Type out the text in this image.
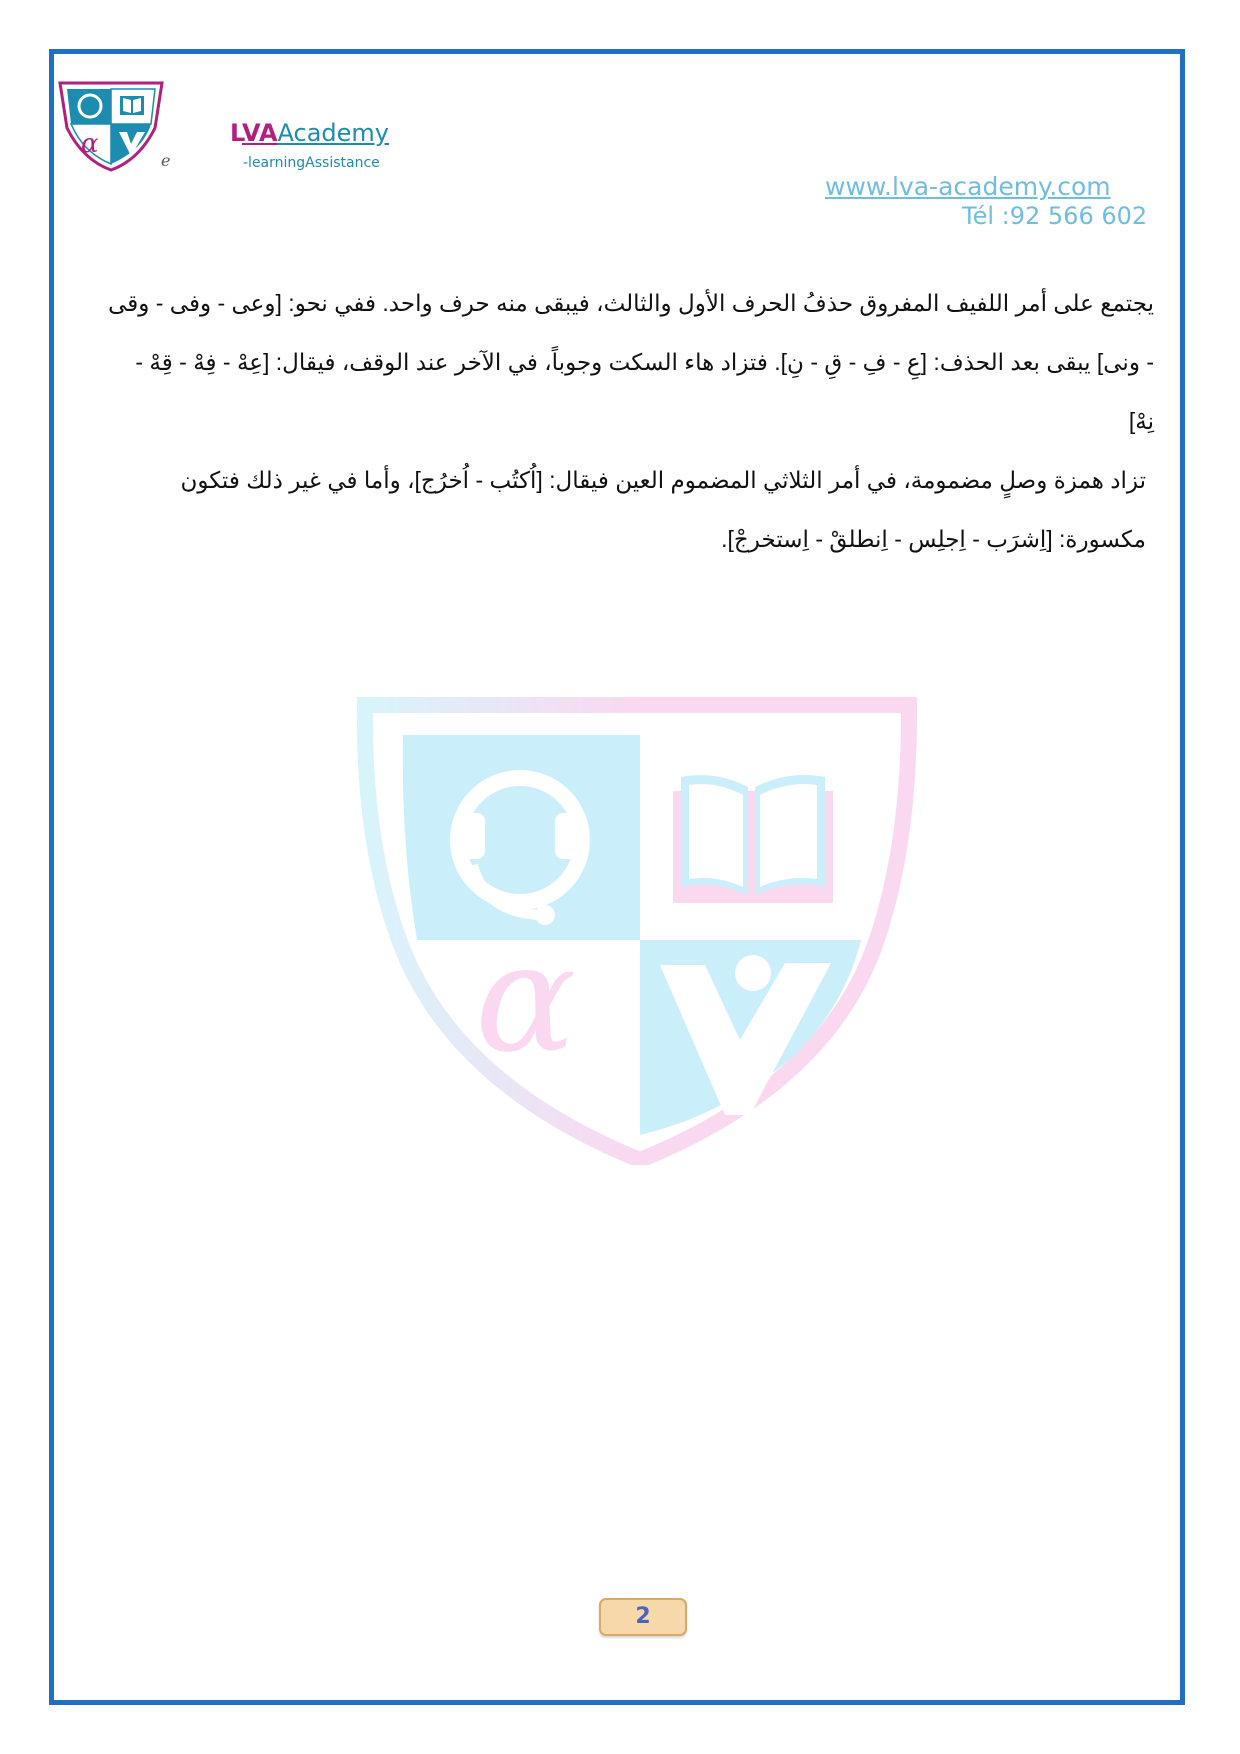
α
e
LVAAcademy
-learningAssistance
www.lva-academy.com
Tél :92 566 602
α

يجتمع على أمر اللفيف المفروق حذفُ الحرف الأول والثالث، فيبقى منه حرف واحد. ففي نحو: [وعى - وفى - وقى - ونى] يبقى بعد الحذف: [عِ - فِ - قِ - نِ]. فتزاد هاء السكت وجوباً، في الآخر عند الوقف، فيقال: [عِهْ - فِهْ - قِهْ - نِهْ]

تزاد همزة وصلٍ مضمومة، في أمر الثلاثي المضموم العين فيقال: [اُكتُب - اُخرُج]، وأما في غير ذلك فتكون مكسورة: [اِشرَب - اِجلِس - اِنطلقْ - اِستخرجْ].

2
